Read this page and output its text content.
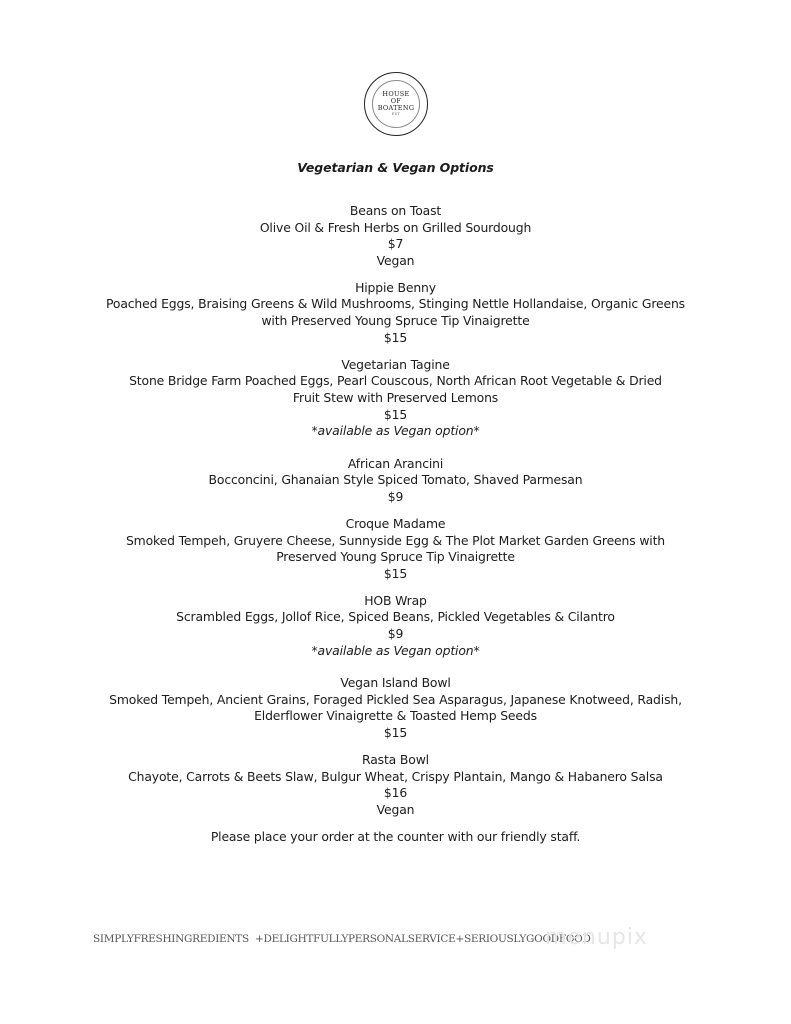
HOUSE
OF
BOATENG
EST
Vegetarian & Vegan Options
Beans on Toast
Olive Oil & Fresh Herbs on Grilled Sourdough
$7
Vegan
Hippie Benny
Poached Eggs, Braising Greens & Wild Mushrooms, Stinging Nettle Hollandaise, Organic Greens
with Preserved Young Spruce Tip Vinaigrette
$15
Vegetarian Tagine
Stone Bridge Farm Poached Eggs, Pearl Couscous, North African Root Vegetable & Dried
Fruit Stew with Preserved Lemons
$15
*available as Vegan option*
African Arancini
Bocconcini, Ghanaian Style Spiced Tomato, Shaved Parmesan
$9
Croque Madame
Smoked Tempeh, Gruyere Cheese, Sunnyside Egg & The Plot Market Garden Greens with
Preserved Young Spruce Tip Vinaigrette
$15
HOB Wrap
Scrambled Eggs, Jollof Rice, Spiced Beans, Pickled Vegetables & Cilantro
$9
*available as Vegan option*
Vegan Island Bowl
Smoked Tempeh, Ancient Grains, Foraged Pickled Sea Asparagus, Japanese Knotweed, Radish,
Elderflower Vinaigrette & Toasted Hemp Seeds
$15
Rasta Bowl
Chayote, Carrots & Beets Slaw, Bulgur Wheat, Crispy Plantain, Mango & Habanero Salsa
$16
Vegan
Please place your order at the counter with our friendly staff.
SIMPLYFRESHINGREDIENTS  +DELIGHTFULLYPERSONALSERVICE+SERIOUSLYGOODFOOD
menupix
